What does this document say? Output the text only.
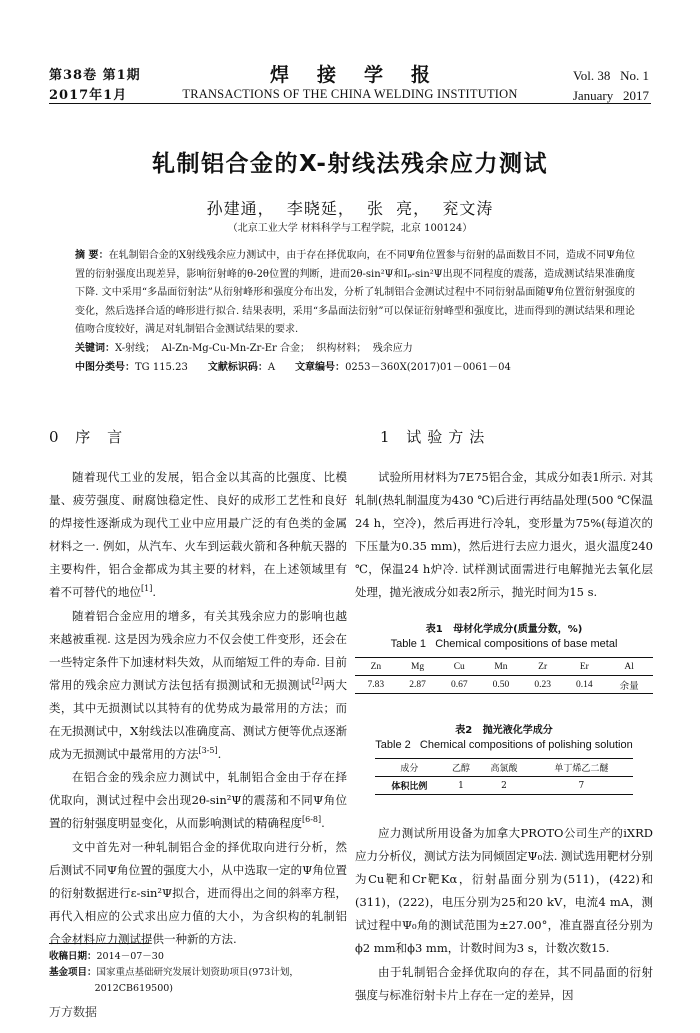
第38卷 第1期
2017年1月
焊接学报
TRANSACTIONS OF THE CHINA WELDING INSTITUTION
Vol. 38   No. 1
January   2017
轧制铝合金的X-射线法残余应力测试
孙建通，  李晓延，  张  亮，  兖文涛
（北京工业大学 材料科学与工程学院，北京 100124）

摘 要：在轧制铝合金的X射线残余应力测试中，由于存在择优取向，在不同Ψ角位置参与衍射的晶面数目不同，造成不同Ψ角位置的衍射强度出现差异，影响衍射峰的θ-2θ位置的判断，进而2θ-sin²Ψ和Iₚ-sin²Ψ出现不同程度的震荡，造成测试结果准确度下降. 文中采用“多晶面衍射法”从衍射峰形和强度分布出发，分析了轧制铝合金测试过程中不同衍射晶面随Ψ角位置衍射强度的变化，然后选择合适的峰形进行拟合. 结果表明，采用“多晶面法衍射”可以保证衍射峰型和强度比，进而得到的测试结果和理论值吻合度较好，满足对轧制铝合金测试结果的要求.

关键词：X-射线；  Al-Zn-Mg-Cu-Mn-Zr-Er 合金；  织构材料；  残余应力

中图分类号：TG 115.23 文献标识码：A 文章编号：0253－360X(2017)01－0061－04

0 序 言	1 试验方法

随着现代工业的发展，铝合金以其高的比强度、比模量、疲劳强度、耐腐蚀稳定性、良好的成形工艺性和良好的焊接性逐渐成为现代工业中应用最广泛的有色类的金属材料之一. 例如，从汽车、火车到运载火箭和各种航天器的主要构件，铝合金都成为其主要的材料，在上述领域里有着不可替代的地位[1].

随着铝合金应用的增多，有关其残余应力的影响也越来越被重视. 这是因为残余应力不仅会使工件变形，还会在一些特定条件下加速材料失效，从而缩短工件的寿命. 目前常用的残余应力测试方法包括有损测试和无损测试[2]两大类，其中无损测试以其特有的优势成为最常用的方法；而在无损测试中，X射线法以准确度高、测试方便等优点逐渐成为无损测试中最常用的方法[3-5].

在铝合金的残余应力测试中，轧制铝合金由于存在择优取向，测试过程中会出现2θ-sin²Ψ的震荡和不同Ψ角位置的衍射强度明显变化，从而影响测试的精确程度[6-8].

文中首先对一种轧制铝合金的择优取向进行分析，然后测试不同Ψ角位置的强度大小，从中选取一定的Ψ角位置的衍射数据进行ε-sin²Ψ拟合，进而得出之间的斜率方程，再代入相应的公式求出应力值的大小，为含织构的轧制铝合金材料应力测试提供一种新的方法.

收稿日期：2014－07－30
基金项目：国家重点基础研究发展计划资助项目(973计划，2012CB619500)

试验所用材料为7E75铝合金，其成分如表1所示. 对其轧制(热轧制温度为430 ℃)后进行再结晶处理(500 ℃保温24 h，空冷)，然后再进行冷轧，变形量为75%(每道次的下压量为0.35 mm)，然后进行去应力退火，退火温度240 ℃，保温24 h炉冷. 试样测试面需进行电解抛光去氧化层处理，抛光液成分如表2所示，抛光时间为15 s.

表1   母材化学成分(质量分数，%)
Table 1   Chemical compositions of base metal
Zn	Mg	Cu	Mn	Zr	Er	Al
7.83	2.87	0.67	0.50	0.23	0.14	余量
表2   抛光液化学成分
Table 2   Chemical compositions of polishing solution
成分	乙醇	高氯酸	单丁烯乙二醚
体积比例	1	2	7

应力测试所用设备为加拿大PROTO公司生产的iXRD应力分析仪，测试方法为同倾固定Ψ₀法. 测试选用靶材分别为Cu靶和Cr靶Kα，衍射晶面分别为(511)，(422)和(311)，(222)，电压分别为25和20 kV，电流4 mA，测试过程中Ψ₀角的测试范围为±27.00°，准直器直径分别为ϕ2 mm和ϕ3 mm，计数时间为3 s，计数次数15.

由于轧制铝合金择优取向的存在，其不同晶面的衍射强度与标准衍射卡片上存在一定的差异，因

万方数据
